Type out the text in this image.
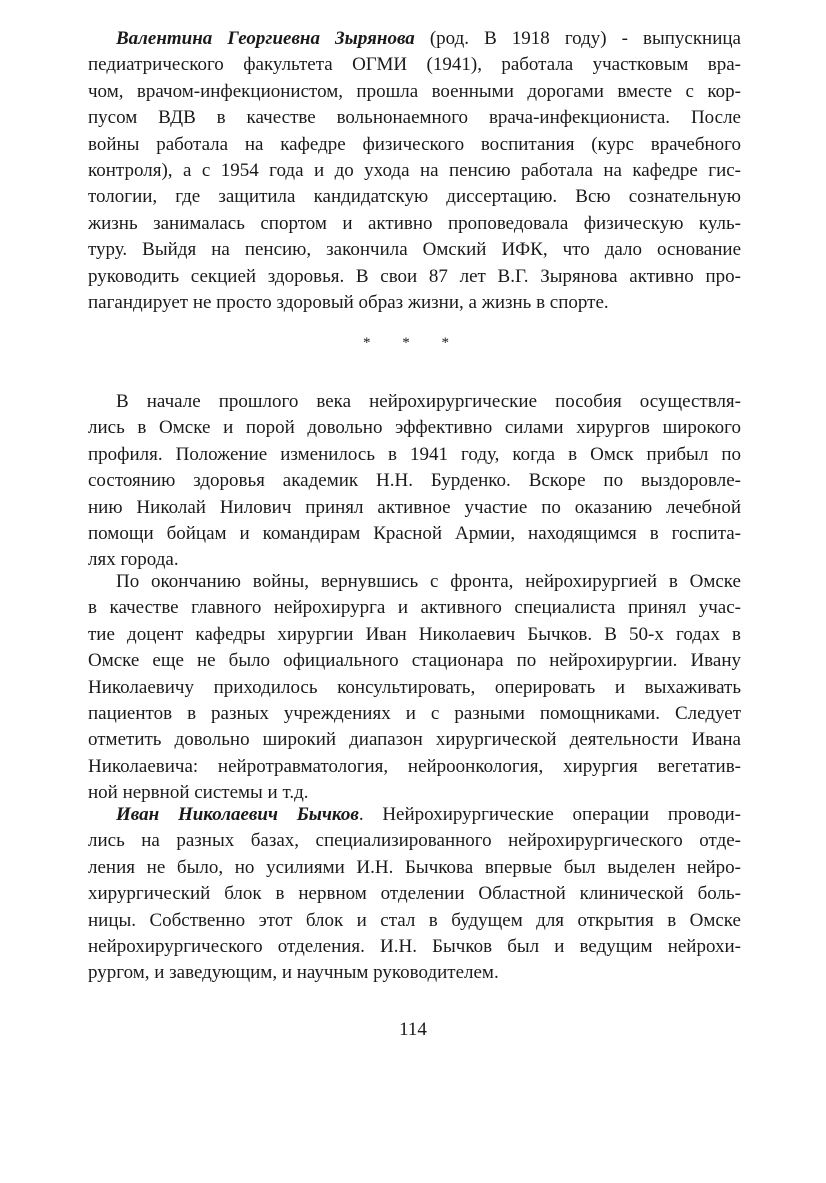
Валентина Георгиевна Зырянова (род. В 1918 году) - выпускница
педиатрического факультета ОГМИ (1941), работала участковым вра-
чом, врачом-инфекционистом, прошла военными дорогами вместе с кор-
пусом ВДВ в качестве вольнонаемного врача-инфекциониста. После
войны работала на кафедре физического воспитания (курс врачебного
контроля), а с 1954 года и до ухода на пенсию работала на кафедре гис-
тологии, где защитила кандидатскую диссертацию. Всю сознательную
жизнь занималась спортом и активно проповедовала физическую куль-
туру. Выйдя на пенсию, закончила Омский ИФК, что дало основание
руководить секцией здоровья. В свои 87 лет В.Г. Зырянова активно про-
пагандирует не просто здоровый образ жизни, а жизнь в спорте.
* * *
В начале прошлого века нейрохирургические пособия осуществля-
лись в Омске и порой довольно эффективно силами хирургов широкого
профиля. Положение изменилось в 1941 году, когда в Омск прибыл по
состоянию здоровья академик Н.Н. Бурденко. Вскоре по выздоровле-
нию Николай Нилович принял активное участие по оказанию лечебной
помощи бойцам и командирам Красной Армии, находящимся в госпита-
лях города.
По окончанию войны, вернувшись с фронта, нейрохирургией в Омске
в качестве главного нейрохирурга и активного специалиста принял учас-
тие доцент кафедры хирургии Иван Николаевич Бычков. В 50-х годах в
Омске еще не было официального стационара по нейрохирургии. Ивану
Николаевичу приходилось консультировать, оперировать и выхаживать
пациентов в разных учреждениях и с разными помощниками. Следует
отметить довольно широкий диапазон хирургической деятельности Ивана
Николаевича: нейротравматология, нейроонкология, хирургия вегетатив-
ной нервной системы и т.д.
Иван Николаевич Бычков. Нейрохирургические операции проводи-
лись на разных базах, специализированного нейрохирургического отде-
ления не было, но усилиями И.Н. Бычкова впервые был выделен нейро-
хирургический блок в нервном отделении Областной клинической боль-
ницы. Собственно этот блок и стал в будущем для открытия в Омске
нейрохирургического отделения. И.Н. Бычков был и ведущим нейрохи-
рургом, и заведующим, и научным руководителем.
114
